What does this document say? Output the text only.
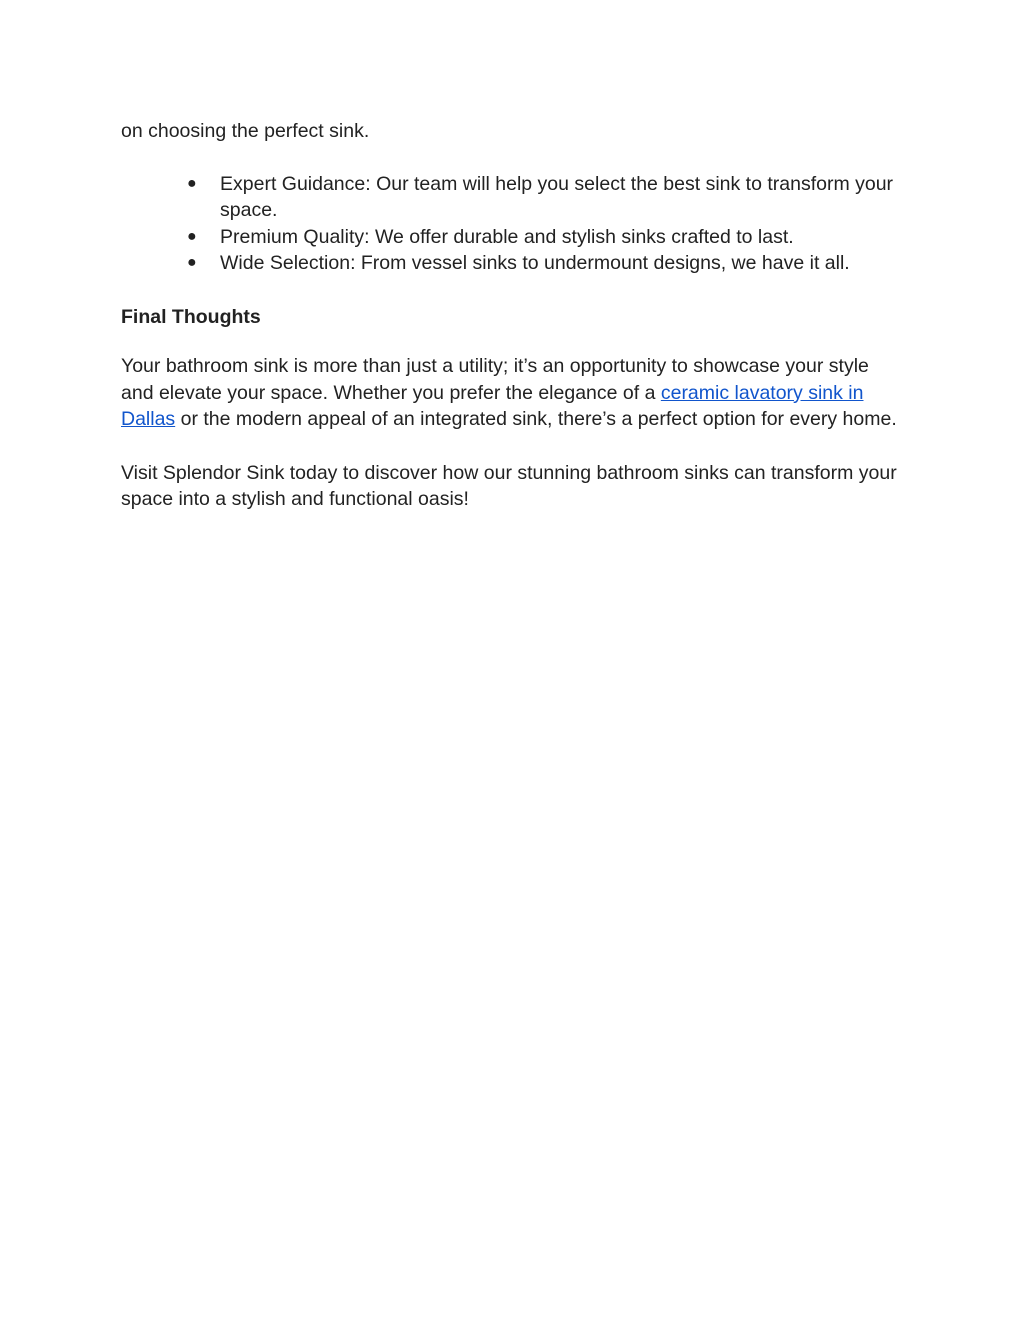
on choosing the perfect sink.

● Expert Guidance: Our team will help you select the best sink to transform your space.
● Premium Quality: We offer durable and stylish sinks crafted to last.
● Wide Selection: From vessel sinks to undermount designs, we have it all.

Final Thoughts

Your bathroom sink is more than just a utility; it’s an opportunity to showcase your style and elevate your space. Whether you prefer the elegance of a ceramic lavatory sink in Dallas or the modern appeal of an integrated sink, there’s a perfect option for every home.

Visit Splendor Sink today to discover how our stunning bathroom sinks can transform your space into a stylish and functional oasis!
